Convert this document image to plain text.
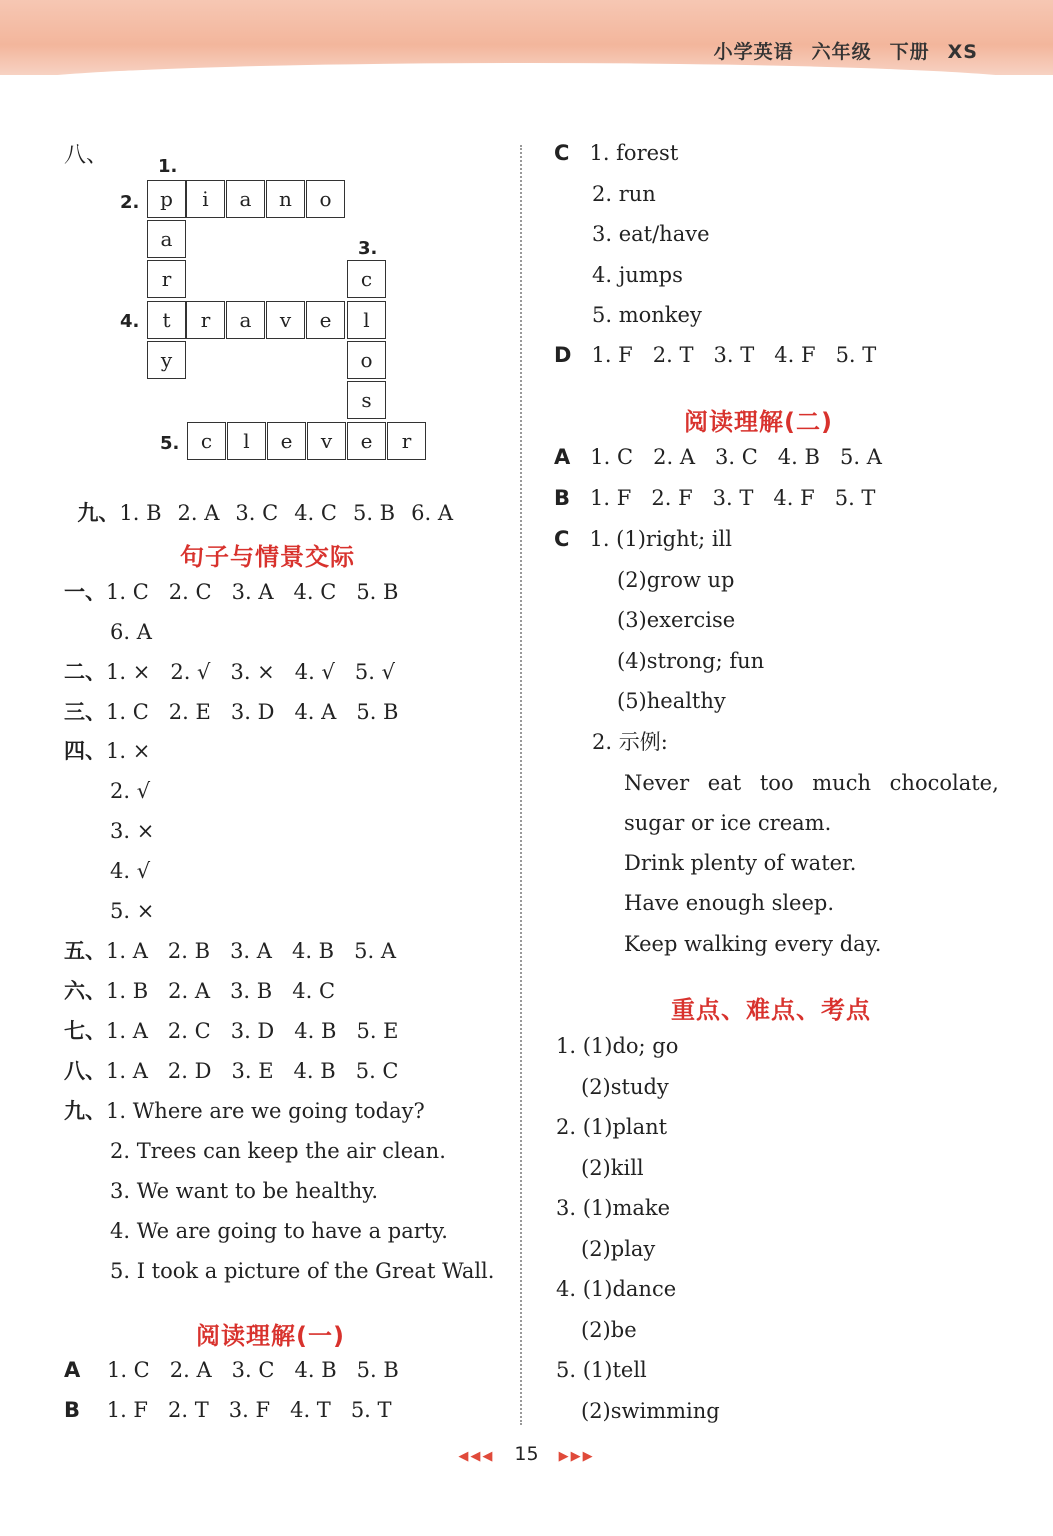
小学英语 六年级 下册 XS
八、	1.
2.
3.
4.
5.
p	i	a	n	o
a
r
t	r	a	v	e
y
c
l
o
s
c	l	e	v	e	r

九、1. B 2. A 3. C 4. C 5. B 6. A

句子与情景交际
一、1. C   2. C   3. A   4. C   5. B
6. A
二、1. ×   2. √   3. ×   4. √   5. √
三、1. C   2. E   3. D   4. A   5. B
四、1. ×
2. √
3. ×
4. √
5. ×
五、1. A   2. B   3. A   4. B   5. A
六、1. B   2. A   3. B   4. C
七、1. A   2. C   3. D   4. B   5. E
八、1. A   2. D   3. E   4. B   5. C
九、1. Where are we going today?
2. Trees can keep the air clean.
3. We want to be healthy.
4. We are going to have a party.
5. I took a picture of the Great Wall.
阅读理解(一)
A 1. C   2. A   3. C   4. B   5. B
B 1. F   2. T   3. F   4. T   5. T
C 1. forest
2. run
3. eat/have
4. jumps
5. monkey
D 1. F   2. T   3. T   4. F   5. T
阅读理解(二)
A 1. C   2. A   3. C   4. B   5. A
B 1. F   2. F   3. T   4. F   5. T
C 1. (1)right; ill
(2)grow up
(3)exercise
(4)strong; fun
(5)healthy
2. 示例:
Never eat too much chocolate,
sugar or ice cream.
Drink plenty of water.
Have enough sleep.
Keep walking every day.
重点、难点、考点
1. (1)do; go
(2)study
2. (1)plant
(2)kill
3. (1)make
(2)play
4. (1)dance
(2)be
5. (1)tell
(2)swimming
◀◀◀ 15 ▶▶▶
